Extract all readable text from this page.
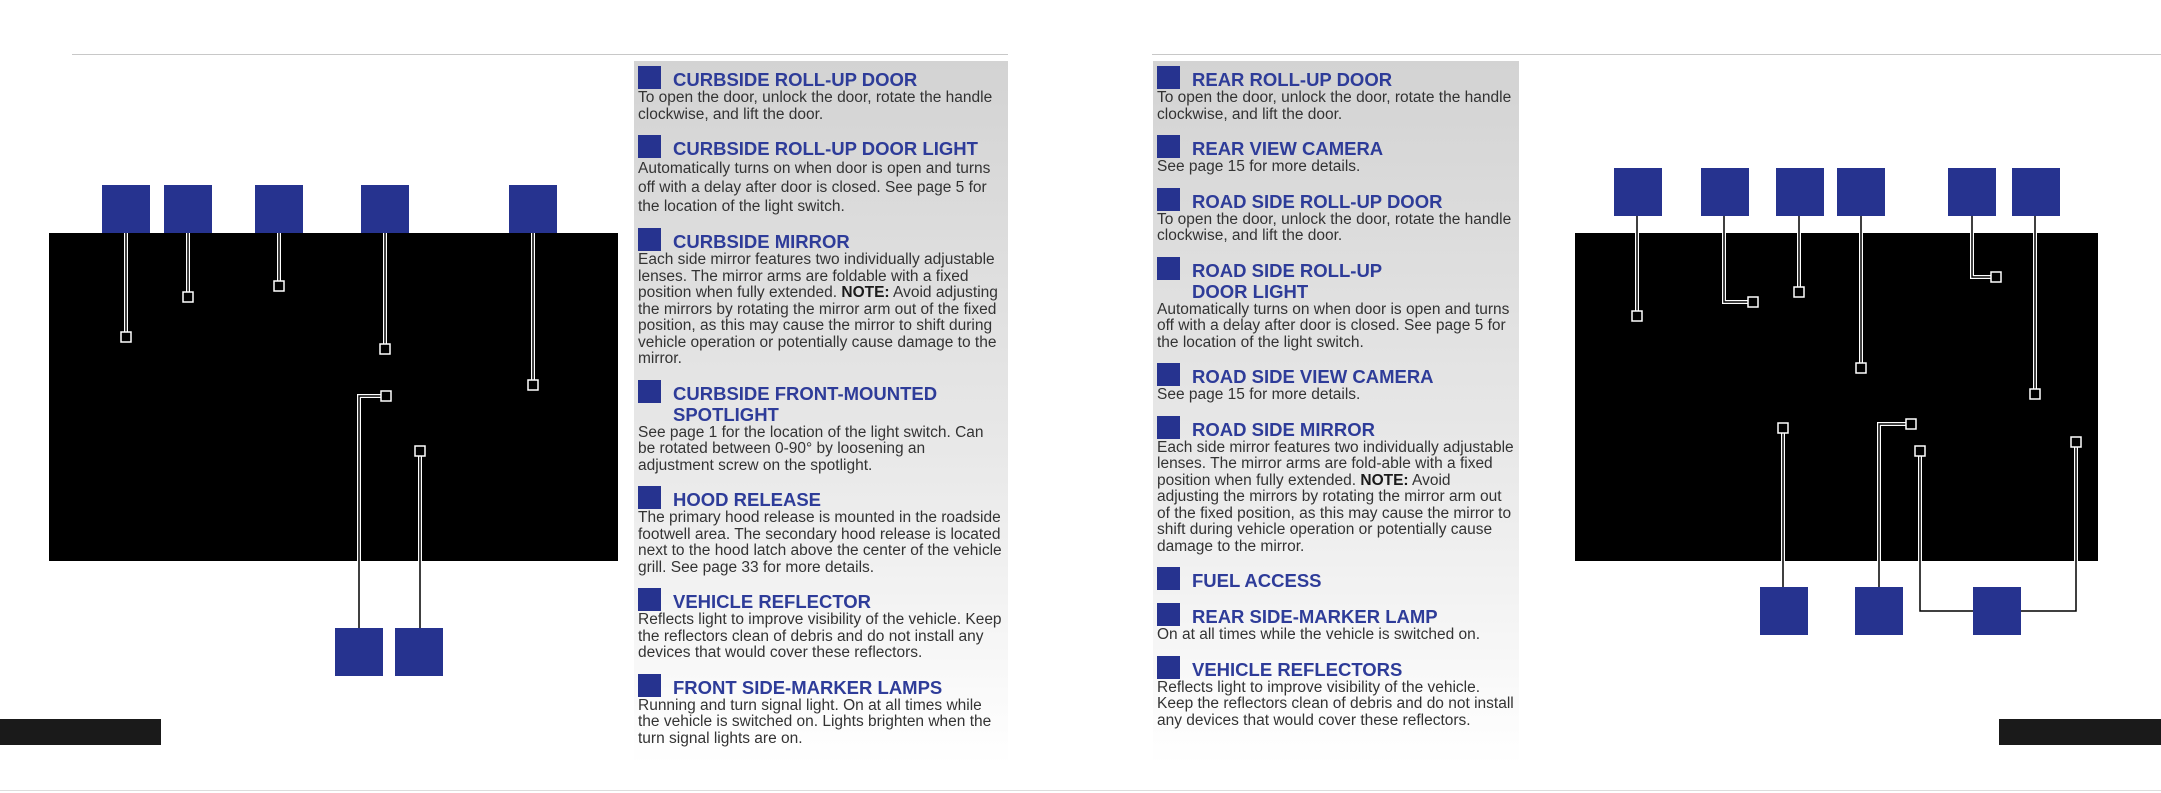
CURBSIDE ROLL-UP DOOR
To open the door, unlock the door, rotate the handle clockwise, and lift the door.
CURBSIDE ROLL-UP DOOR LIGHT
Automatically turns on when door is open and turns off with a delay after door is closed. See page 5 for the location of the light switch.
CURBSIDE MIRROR
Each side mirror features two individually adjustable lenses. The mirror arms are foldable with a fixed position when fully extended. NOTE: Avoid adjusting the mirrors by rotating the mirror arm out of the fixed position, as this may cause the mirror to shift during vehicle operation or potentially cause damage to the mirror.
CURBSIDE FRONT-MOUNTED SPOTLIGHT
See page 1 for the location of the light switch. Can be rotated between 0-90° by loosening an adjustment screw on the spotlight.
HOOD RELEASE
The primary hood release is mounted in the roadside footwell area. The secondary hood release is located next to the hood latch above the center of the vehicle grill. See page 33 for more details.
VEHICLE REFLECTOR
Reflects light to improve visibility of the vehicle. Keep the reflectors clean of debris and do not install any devices that would cover these reflectors.
FRONT SIDE-MARKER LAMPS
Running and turn signal light. On at all times while the vehicle is switched on. Lights brighten when the turn signal lights are on.
REAR ROLL-UP DOOR
To open the door, unlock the door, rotate the handle clockwise, and lift the door.
REAR VIEW CAMERA
See page 15 for more details.
ROAD SIDE ROLL-UP DOOR
To open the door, unlock the door, rotate the handle clockwise, and lift the door.
ROAD SIDE ROLL-UP DOOR LIGHT
Automatically turns on when door is open and turns off with a delay after door is closed. See page 5 for the location of the light switch.
ROAD SIDE VIEW CAMERA
See page 15 for more details.
ROAD SIDE MIRROR
Each side mirror features two individually adjustable lenses. The mirror arms are fold-able with a fixed position when fully extended. NOTE: Avoid adjusting the mirrors by rotating the mirror arm out of the fixed position, as this may cause the mirror to shift during vehicle operation or potentially cause damage to the mirror.
FUEL ACCESS
REAR SIDE-MARKER LAMP
On at all times while the vehicle is switched on.
VEHICLE REFLECTORS
Reflects light to improve visibility of the vehicle. Keep the reflectors clean of debris and do not install any devices that would cover these reflectors.
